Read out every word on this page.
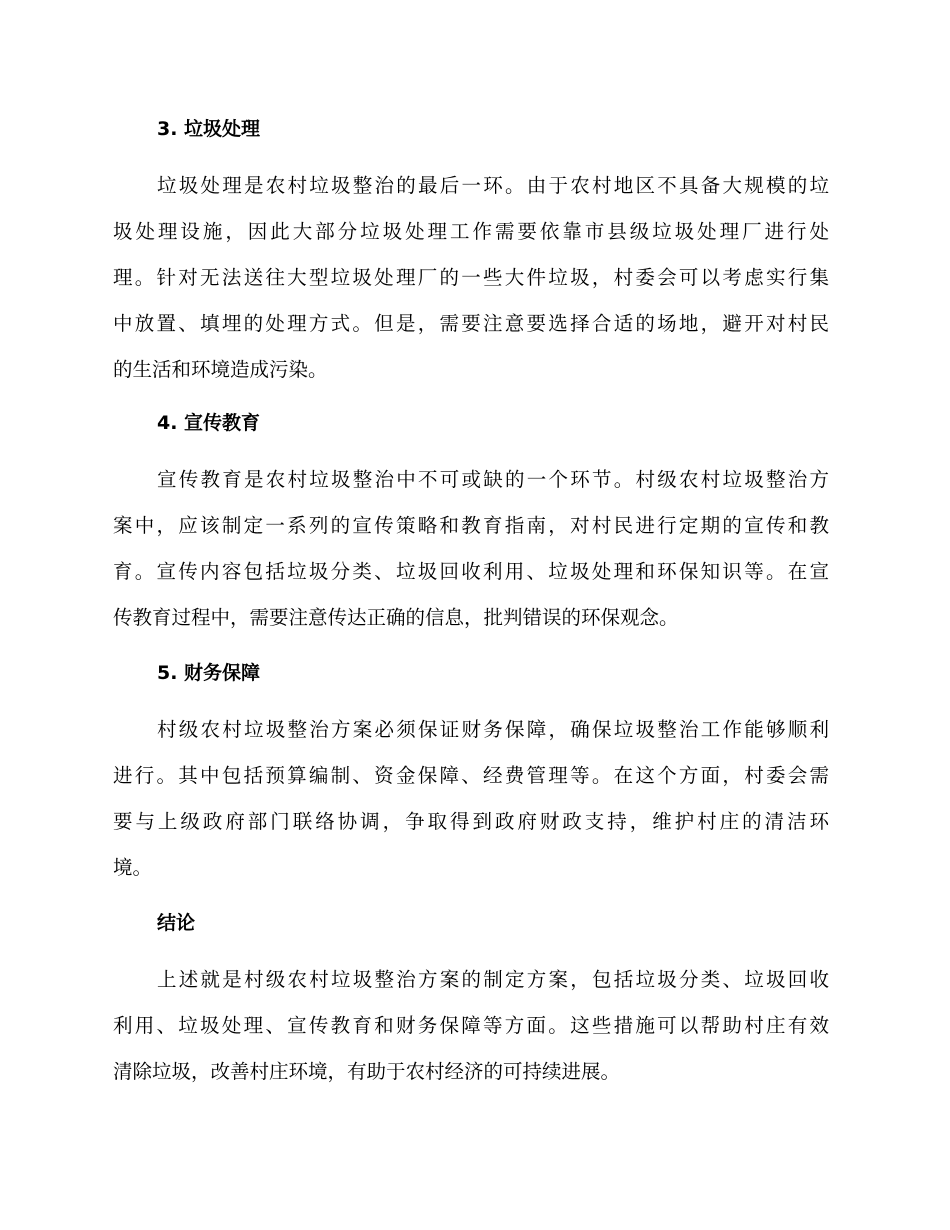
3. 垃圾处理
垃圾处理是农村垃圾整治的最后一环。由于农村地区不具备大规模的垃
圾处理设施，因此大部分垃圾处理工作需要依靠市县级垃圾处理厂进行处
理。针对无法送往大型垃圾处理厂的一些大件垃圾，村委会可以考虑实行集
中放置、填埋的处理方式。但是，需要注意要选择合适的场地，避开对村民
的生活和环境造成污染。
4. 宣传教育
宣传教育是农村垃圾整治中不可或缺的一个环节。村级农村垃圾整治方
案中，应该制定一系列的宣传策略和教育指南，对村民进行定期的宣传和教
育。宣传内容包括垃圾分类、垃圾回收利用、垃圾处理和环保知识等。在宣
传教育过程中，需要注意传达正确的信息，批判错误的环保观念。
5. 财务保障
村级农村垃圾整治方案必须保证财务保障，确保垃圾整治工作能够顺利
进行。其中包括预算编制、资金保障、经费管理等。在这个方面，村委会需
要与上级政府部门联络协调，争取得到政府财政支持，维护村庄的清洁环
境。
结论
上述就是村级农村垃圾整治方案的制定方案，包括垃圾分类、垃圾回收
利用、垃圾处理、宣传教育和财务保障等方面。这些措施可以帮助村庄有效
清除垃圾，改善村庄环境，有助于农村经济的可持续进展。
